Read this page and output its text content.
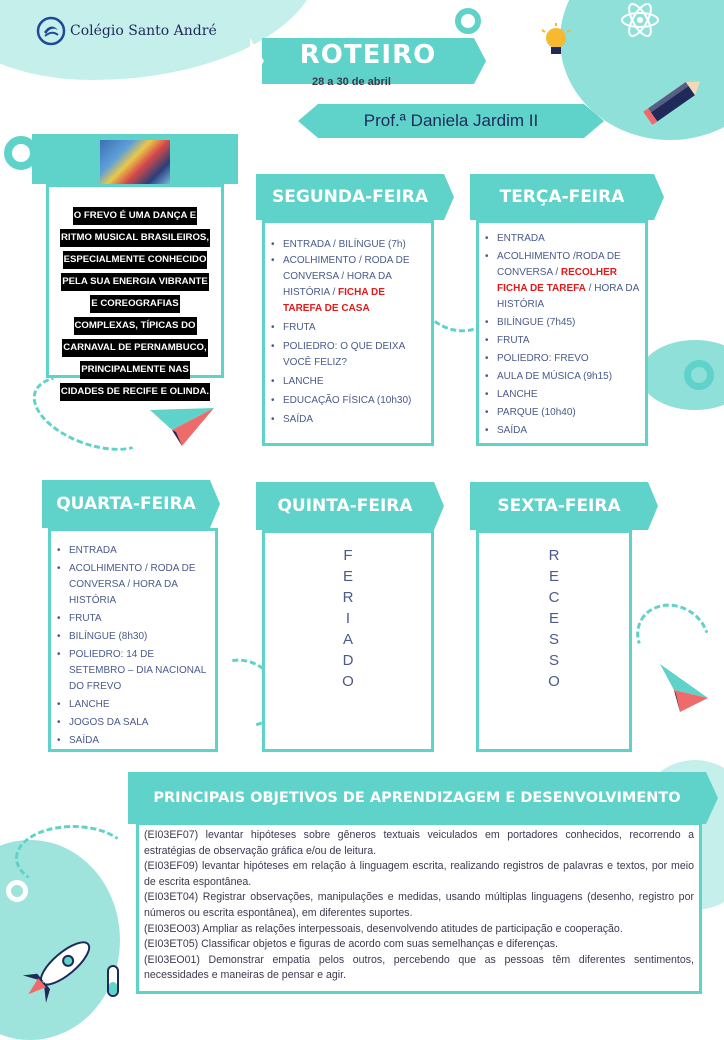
Colégio Santo André
ROTEIRO
28 a 30 de abril
Prof.ª Daniela Jardim II
O FREVO É UMA DANÇA E
RITMO MUSICAL BRASILEIROS,
ESPECIALMENTE CONHECIDO
PELA SUA ENERGIA VIBRANTE
E COREOGRAFIAS
COMPLEXAS, TÍPICAS DO
CARNAVAL DE PERNAMBUCO,
PRINCIPALMENTE NAS
CIDADES DE RECIFE E OLINDA.
SEGUNDA-FEIRA
• ENTRADA / BILÍNGUE (7h)
• ACOLHIMENTO / RODA DE CONVERSA / HORA DA HISTÓRIA / FICHA DE TAREFA DE CASA
• FRUTA
• POLIEDRO: O QUE DEIXA VOCÊ FELIZ?
• LANCHE
• EDUCAÇÃO FÍSICA (10h30)
• SAÍDA
TERÇA-FEIRA
• ENTRADA
• ACOLHIMENTO /RODA DE CONVERSA / RECOLHER FICHA DE TAREFA / HORA DA HISTÓRIA
• BILÍNGUE (7h45)
• FRUTA
• POLIEDRO: FREVO
• AULA DE MÚSICA (9h15)
• LANCHE
• PARQUE (10h40)
• SAÍDA
QUARTA-FEIRA
• ENTRADA
• ACOLHIMENTO / RODA DE CONVERSA / HORA DA HISTÓRIA
• FRUTA
• BILÍNGUE (8h30)
• POLIEDRO: 14 DE SETEMBRO – DIA NACIONAL DO FREVO
• LANCHE
• JOGOS DA SALA
• SAÍDA
QUINTA-FEIRA
F
E
R
I
A
D
O
SEXTA-FEIRA
R
E
C
E
S
S
O
PRINCIPAIS OBJETIVOS DE APRENDIZAGEM E DESENVOLVIMENTO

(EI03EF07) levantar hipóteses sobre gêneros textuais veiculados em portadores conhecidos, recorrendo a estratégias de observação gráfica e/ou de leitura.

(EI03EF09) levantar hipóteses em relação à linguagem escrita, realizando registros de palavras e textos, por meio de escrita espontânea.

(EI03ET04) Registrar observações, manipulações e medidas, usando múltiplas linguagens (desenho, registro por números ou escrita espontânea), em diferentes suportes.

(EI03EO03) Ampliar as relações interpessoais, desenvolvendo atitudes de participação e cooperação.

(EI03ET05) Classificar objetos e figuras de acordo com suas semelhanças e diferenças.

(EI03EO01) Demonstrar empatia pelos outros, percebendo que as pessoas têm diferentes sentimentos, necessidades e maneiras de pensar e agir.
